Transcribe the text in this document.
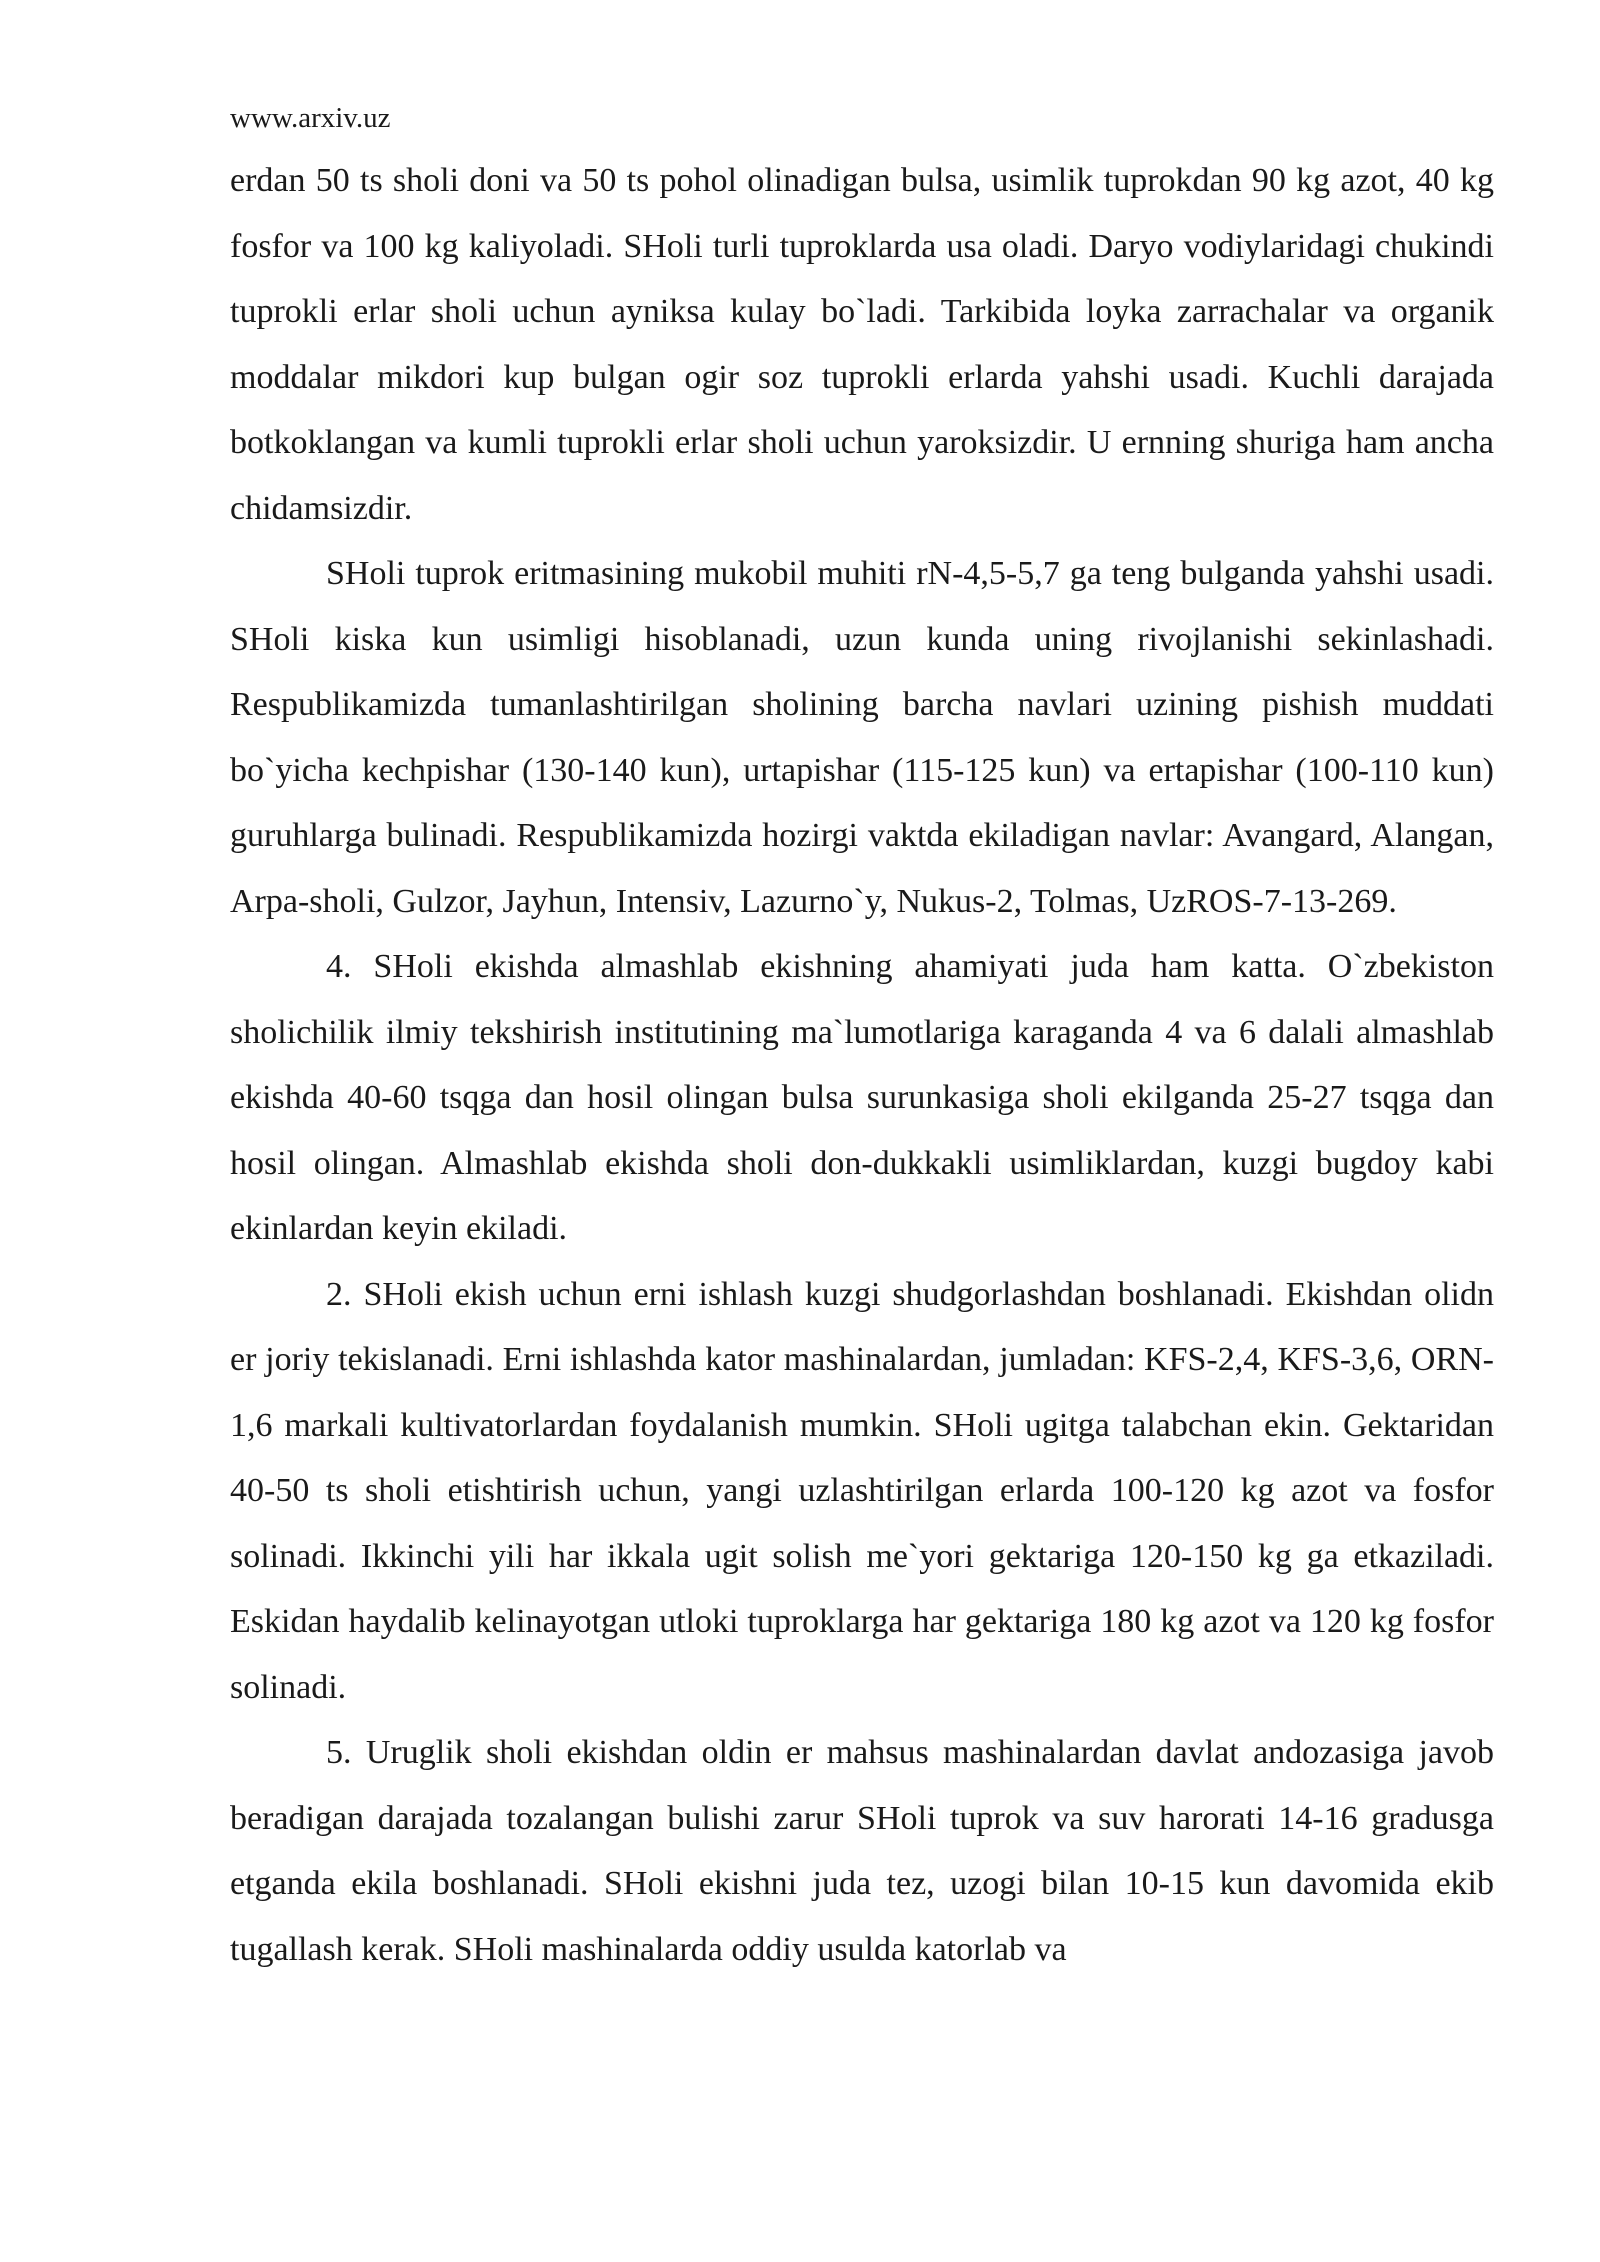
www.arxiv.uz

erdan 50 ts sholi doni va 50 ts pohol olinadigan bulsa, usimlik tuprokdan 90 kg azot, 40 kg fosfor va 100 kg kaliyoladi. SHoli turli tuproklarda usa oladi. Daryo vodiylaridagi chukindi tuprokli erlar sholi uchun ayniksa kulay bo`ladi. Tarkibida loyka zarrachalar va organik moddalar mikdori kup bulgan ogir soz tuprokli erlarda yahshi usadi. Kuchli darajada botkoklangan va kumli tuprokli erlar sholi uchun yaroksizdir. U ernning shuriga ham ancha chidamsizdir.

SHoli tuprok eritmasining mukobil muhiti rN-4,5-5,7 ga teng bulganda yahshi usadi. SHoli kiska kun usimligi hisoblanadi, uzun kunda uning rivojlanishi sekinlashadi. Respublikamizda tumanlashtirilgan sholining barcha navlari uzining pishish muddati bo`yicha kechpishar (130-140 kun), urtapishar (115-125 kun) va ertapishar (100-110 kun) guruhlarga bulinadi. Respublikamizda hozirgi vaktda ekiladigan navlar: Avangard, Alangan, Arpa-sholi, Gulzor, Jayhun, Intensiv, Lazurno`y, Nukus-2, Tolmas, UzROS-7-13-269.

4. SHoli ekishda almashlab ekishning ahamiyati juda ham katta. O`zbekiston sholichilik ilmiy tekshirish institutining ma`lumotlariga karaganda 4 va 6 dalali almashlab ekishda 40-60 tsqga dan hosil olingan bulsa surunkasiga sholi ekilganda 25-27 tsqga dan hosil olingan. Almashlab ekishda sholi don-dukkakli usimliklardan, kuzgi bugdoy kabi ekinlardan keyin ekiladi.

2. SHoli ekish uchun erni ishlash kuzgi shudgorlashdan boshlanadi. Ekishdan olidn er joriy tekislanadi. Erni ishlashda kator mashinalardan, jumladan: KFS-2,4, KFS-3,6, ORN-1,6 markali kultivatorlardan foydalanish mumkin. SHoli ugitga talabchan ekin. Gektaridan 40-50 ts sholi etishtirish uchun, yangi uzlashtirilgan erlarda 100-120 kg azot va fosfor solinadi. Ikkinchi yili har ikkala ugit solish me`yori gektariga 120-150 kg ga etkaziladi. Eskidan haydalib kelinayotgan utloki tuproklarga har gektariga 180 kg azot va 120 kg fosfor solinadi.

5. Uruglik sholi ekishdan oldin er mahsus mashinalardan davlat andozasiga javob beradigan darajada tozalangan bulishi zarur SHoli tuprok va suv harorati 14-16 gradusga etganda ekila boshlanadi. SHoli ekishni juda tez, uzogi bilan 10-15 kun davomida ekib tugallash kerak. SHoli mashinalarda oddiy usulda katorlab va
